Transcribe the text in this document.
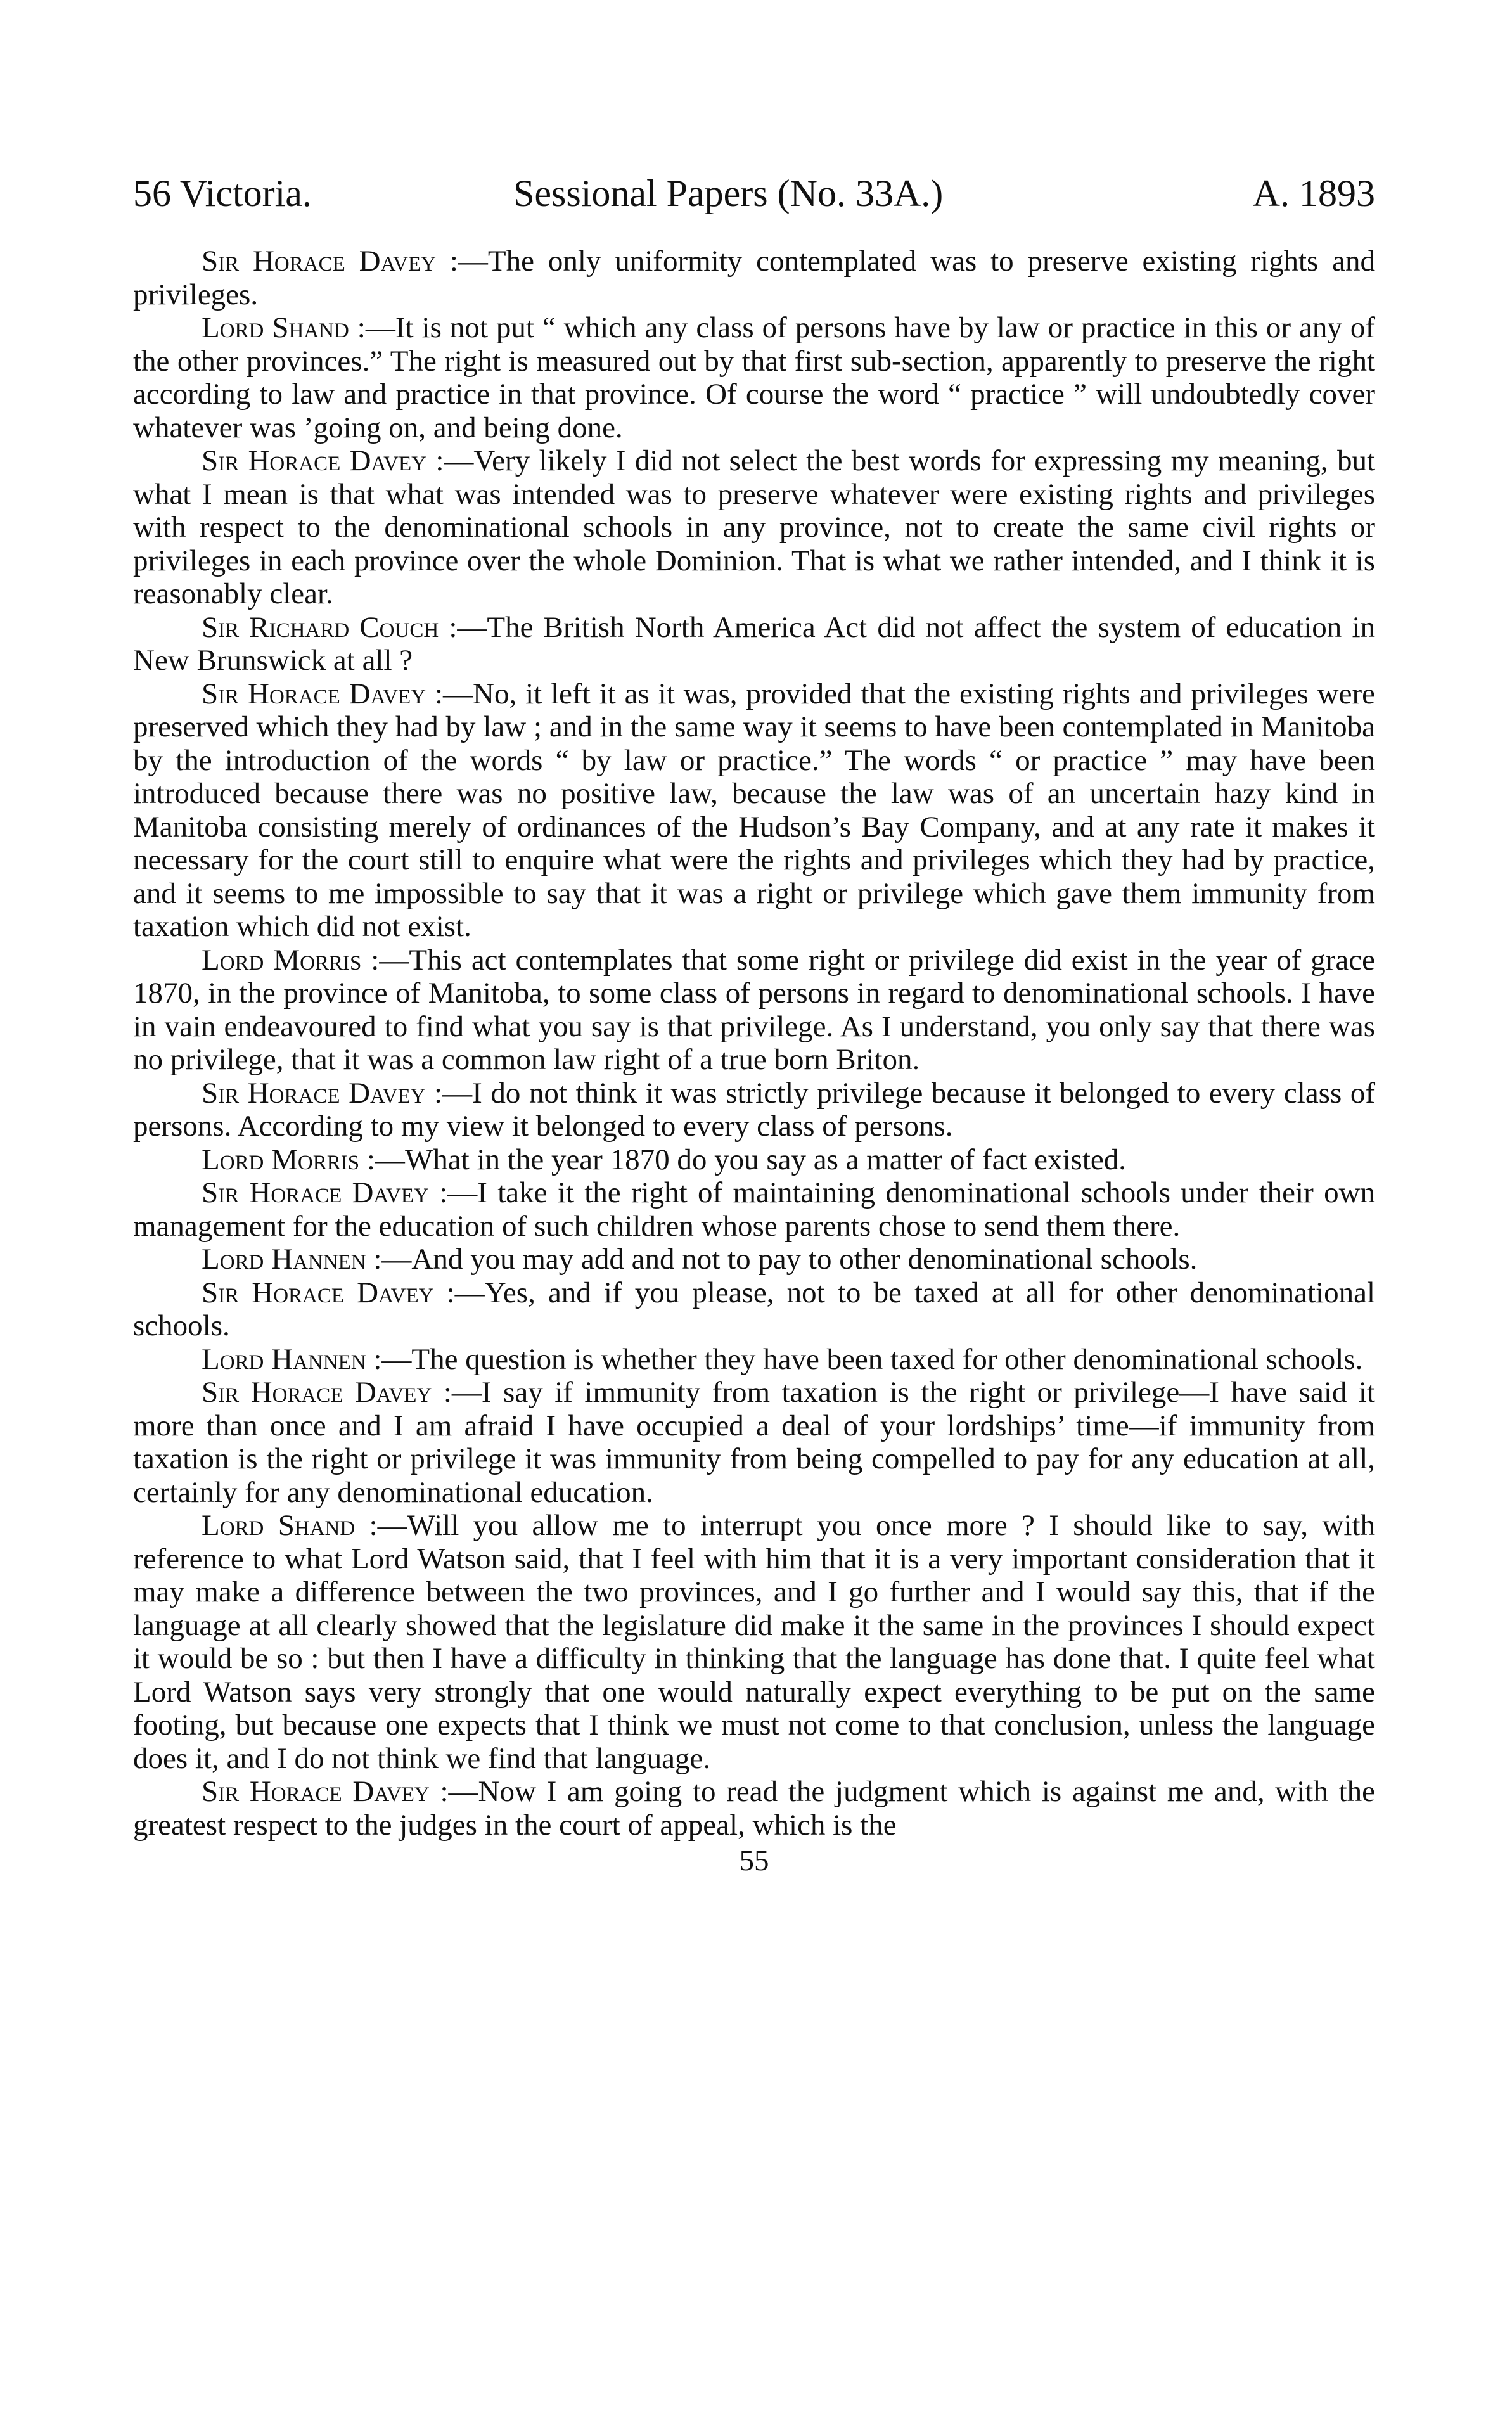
56 Victoria.	Sessional Papers (No. 33A.)	A. 1893

Sir Horace Davey :—The only uniformity contemplated was to preserve existing rights and privileges.

Lord Shand :—It is not put “ which any class of persons have by law or practice in this or any of the other provinces.” The right is measured out by that first sub-section, apparently to preserve the right according to law and practice in that province. Of course the word “ practice ” will undoubtedly cover whatever was ’going on, and being done.

Sir Horace Davey :—Very likely I did not select the best words for expressing my meaning, but what I mean is that what was intended was to preserve whatever were existing rights and privileges with respect to the denominational schools in any province, not to create the same civil rights or privileges in each province over the whole Dominion. That is what we rather intended, and I think it is reasonably clear.

Sir Richard Couch :—The British North America Act did not affect the system of education in New Brunswick at all ?

Sir Horace Davey :—No, it left it as it was, provided that the existing rights and privileges were preserved which they had by law ; and in the same way it seems to have been contemplated in Manitoba by the introduction of the words “ by law or practice.” The words “ or practice ” may have been introduced because there was no positive law, because the law was of an uncertain hazy kind in Manitoba consisting merely of ordinances of the Hudson’s Bay Company, and at any rate it makes it necessary for the court still to enquire what were the rights and privileges which they had by practice, and it seems to me impossible to say that it was a right or privilege which gave them immunity from taxation which did not exist.

Lord Morris :—This act contemplates that some right or privilege did exist in the year of grace 1870, in the province of Manitoba, to some class of persons in regard to denominational schools. I have in vain endeavoured to find what you say is that privilege. As I understand, you only say that there was no privilege, that it was a common law right of a true born Briton.

Sir Horace Davey :—I do not think it was strictly privilege because it belonged to every class of persons. According to my view it belonged to every class of persons.

Lord Morris :—What in the year 1870 do you say as a matter of fact existed.

Sir Horace Davey :—I take it the right of maintaining denominational schools under their own management for the education of such children whose parents chose to send them there.

Lord Hannen :—And you may add and not to pay to other denominational schools.

Sir Horace Davey :—Yes, and if you please, not to be taxed at all for other denominational schools.

Lord Hannen :—The question is whether they have been taxed for other denominational schools.

Sir Horace Davey :—I say if immunity from taxation is the right or privilege—I have said it more than once and I am afraid I have occupied a deal of your lordships’ time—if immunity from taxation is the right or privilege it was immunity from being compelled to pay for any education at all, certainly for any denominational education.

Lord Shand :—Will you allow me to interrupt you once more ? I should like to say, with reference to what Lord Watson said, that I feel with him that it is a very important consideration that it may make a difference between the two provinces, and I go further and I would say this, that if the language at all clearly showed that the legislature did make it the same in the provinces I should expect it would be so : but then I have a difficulty in thinking that the language has done that. I quite feel what Lord Watson says very strongly that one would naturally expect everything to be put on the same footing, but because one expects that I think we must not come to that conclusion, unless the language does it, and I do not think we find that language.

Sir Horace Davey :—Now I am going to read the judgment which is against me and, with the greatest respect to the judges in the court of appeal, which is the

55
